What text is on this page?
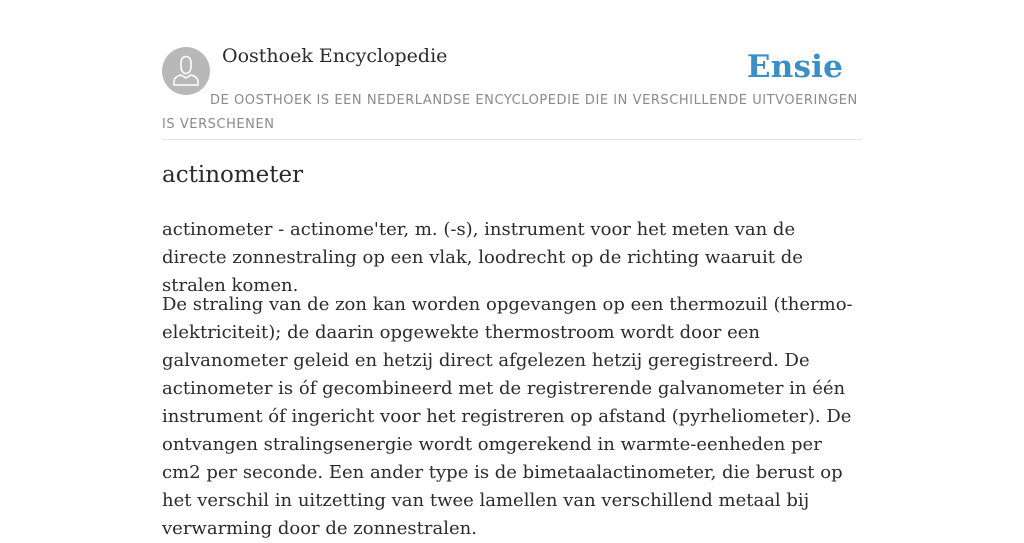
Oosthoek Encyclopedie	Ensie
DE OOSTHOEK IS EEN NEDERLANDSE ENCYCLOPEDIE DIE IN VERSCHILLENDE UITVOERINGEN IS VERSCHENEN
actinometer

actinometer - actinome'ter, m. (-s), instrument voor het meten van de directe zonnestraling op een vlak, loodrecht op de richting waaruit de stralen komen.

De straling van de zon kan worden opgevangen op een thermozuil (thermo-elektriciteit); de daarin opgewekte thermostroom wordt door een galvanometer geleid en hetzij direct afgelezen hetzij geregistreerd. De actinometer is óf gecombineerd met de registrerende galvanometer in één instrument óf ingericht voor het registreren op afstand (pyrheliometer). De ontvangen stralingsenergie wordt omgerekend in warmte-eenheden per cm2 per seconde. Een ander type is de bimetaalactinometer, die berust op het verschil in uitzetting van twee lamellen van verschillend metaal bij verwarming door de zonnestralen.
